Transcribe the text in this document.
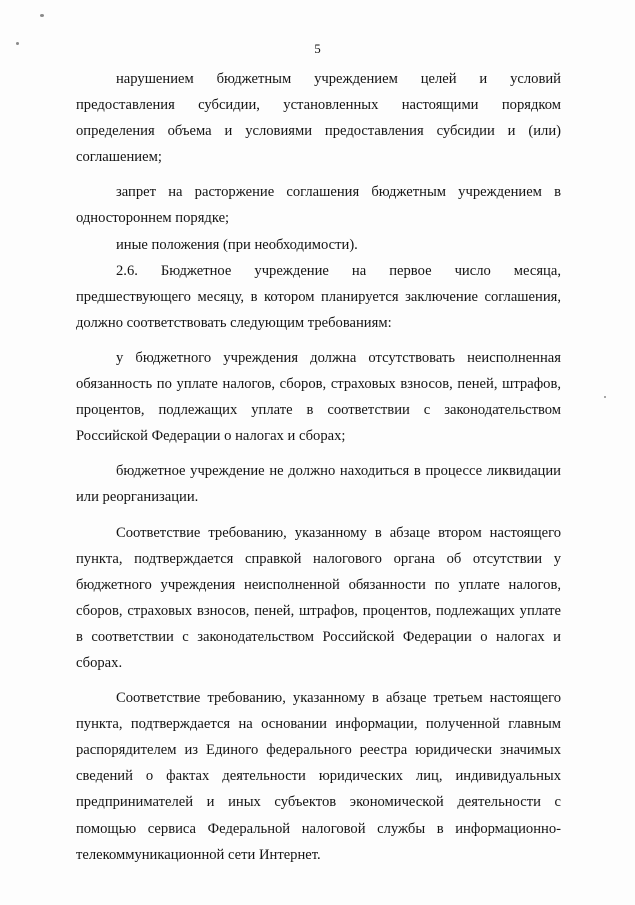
5

нарушением бюджетным учреждением целей и условий предоставления субсидии, установленных настоящими порядком определения объема и условиями предоставления субсидии и (или) соглашением;

запрет на расторжение соглашения бюджетным учреждением в одностороннем порядке;

иные положения (при необходимости).

2.6. Бюджетное учреждение на первое число месяца, предшествующего месяцу, в котором планируется заключение соглашения, должно соответствовать следующим требованиям:

у бюджетного учреждения должна отсутствовать неисполненная обязанность по уплате налогов, сборов, страховых взносов, пеней, штрафов, процентов, подлежащих уплате в соответствии с законодательством Российской Федерации о налогах и сборах;

бюджетное учреждение не должно находиться в процессе ликвидации или реорганизации.

Соответствие требованию, указанному в абзаце втором настоящего пункта, подтверждается справкой налогового органа об отсутствии у бюджетного учреждения неисполненной обязанности по уплате налогов, сборов, страховых взносов, пеней, штрафов, процентов, подлежащих уплате в соответствии с законодательством Российской Федерации о налогах и сборах.

Соответствие требованию, указанному в абзаце третьем настоящего пункта, подтверждается на основании информации, полученной главным распорядителем из Единого федерального реестра юридически значимых сведений о фактах деятельности юридических лиц, индивидуальных предпринимателей и иных субъектов экономической деятельности с помощью сервиса Федеральной налоговой службы в информационно-телекоммуникационной сети Интернет.
